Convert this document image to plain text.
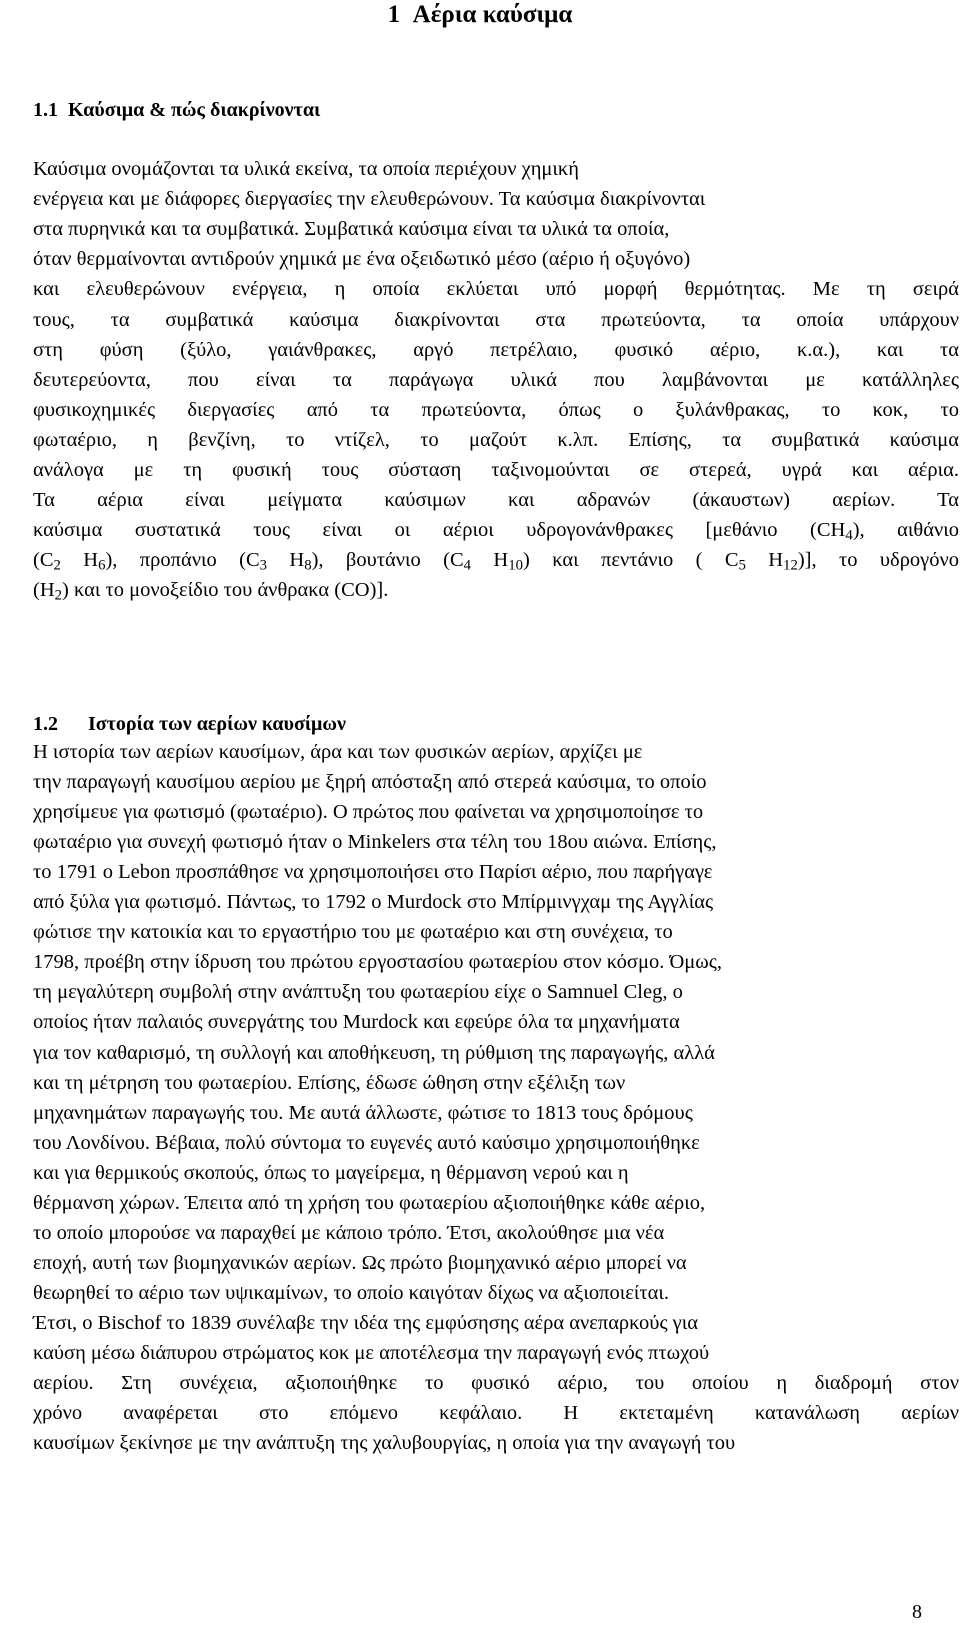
1 Αέρια καύσιμα
1.1 Καύσιμα & πώς διακρίνονται
Καύσιμα ονομάζονται τα υλικά εκείνα, τα οποία περιέχουν χημική
ενέργεια και με διάφορες διεργασίες την ελευθερώνουν. Τα καύσιμα διακρίνονται
στα πυρηνικά και τα συμβατικά. Συμβατικά καύσιμα είναι τα υλικά τα οποία,
όταν θερμαίνονται αντιδρούν χημικά με ένα οξειδωτικό μέσο (αέριο ή οξυγόνο)
και ελευθερώνουν ενέργεια, η οποία εκλύεται υπό μορφή θερμότητας. Με τη σειρά
τους, τα συμβατικά καύσιμα διακρίνονται στα πρωτεύοντα, τα οποία υπάρχουν
στη φύση (ξύλο, γαιάνθρακες, αργό πετρέλαιο, φυσικό αέριο, κ.α.), και τα
δευτερεύοντα, που είναι τα παράγωγα υλικά που λαμβάνονται με κατάλληλες
φυσικοχημικές διεργασίες από τα πρωτεύοντα, όπως ο ξυλάνθρακας, το κοκ, το
φωταέριο, η βενζίνη, το ντίζελ, το μαζούτ κ.λπ. Επίσης, τα συμβατικά καύσιμα
ανάλογα με τη φυσική τους σύσταση ταξινομούνται σε στερεά, υγρά και αέρια.
Τα αέρια είναι μείγματα καύσιμων και αδρανών (άκαυστων) αερίων. Τα
καύσιμα συστατικά τους είναι οι αέριοι υδρογονάνθρακες [μεθάνιο $(CH_4)$, αιθάνιο
($C_2$ $H_6$), προπάνιο ($C_3$ $H_8$), βουτάνιο ($C_4$ $H_{10}$) και πεντάνιο ( $C_5$ $H_{12}$)], το υδρογόνο
$(H_2)$ και το μονοξείδιο του άνθρακα (CO)].
1.2 Ιστορία των αερίων καυσίμων
Η ιστορία των αερίων καυσίμων, άρα και των φυσικών αερίων, αρχίζει με
την παραγωγή καυσίμου αερίου με ξηρή απόσταξη από στερεά καύσιμα, το οποίο
χρησίμευε για φωτισμό (φωταέριο). Ο πρώτος που φαίνεται να χρησιμοποίησε το
φωταέριο για συνεχή φωτισμό ήταν ο Minkelers στα τέλη του 18ου αιώνα. Επίσης,
το 1791 ο Lebon προσπάθησε να χρησιμοποιήσει στο Παρίσι αέριο, που παρήγαγε
από ξύλα για φωτισμό. Πάντως, το 1792 ο Murdock στο Μπίρμινγχαμ της Αγγλίας
φώτισε την κατοικία και το εργαστήριο του με φωταέριο και στη συνέχεια, το
1798, προέβη στην ίδρυση του πρώτου εργοστασίου φωταερίου στον κόσμο. Όμως,
τη μεγαλύτερη συμβολή στην ανάπτυξη του φωταερίου είχε ο Samnuel Cleg, ο
οποίος ήταν παλαιός συνεργάτης του Murdock και εφεύρε όλα τα μηχανήματα
για τον καθαρισμό, τη συλλογή και αποθήκευση, τη ρύθμιση της παραγωγής, αλλά
και τη μέτρηση του φωταερίου. Επίσης, έδωσε ώθηση στην εξέλιξη των
μηχανημάτων παραγωγής του. Με αυτά άλλωστε, φώτισε το 1813 τους δρόμους
του Λονδίνου. Βέβαια, πολύ σύντομα το ευγενές αυτό καύσιμο χρησιμοποιήθηκε
και για θερμικούς σκοπούς, όπως το μαγείρεμα, η θέρμανση νερού και η
θέρμανση χώρων. Έπειτα από τη χρήση του φωταερίου αξιοποιήθηκε κάθε αέριο,
το οποίο μπορούσε να παραχθεί με κάποιο τρόπο. Έτσι, ακολούθησε μια νέα
εποχή, αυτή των βιομηχανικών αερίων. Ως πρώτο βιομηχανικό αέριο μπορεί να
θεωρηθεί το αέριο των υψικαμίνων, το οποίο καιγόταν δίχως να αξιοποιείται.
Έτσι, ο Bischof το 1839 συνέλαβε την ιδέα της εμφύσησης αέρα ανεπαρκούς για
καύση μέσω διάπυρου στρώματος κοκ με αποτέλεσμα την παραγωγή ενός πτωχού
αερίου. Στη συνέχεια, αξιοποιήθηκε το φυσικό αέριο, του οποίου η διαδρομή στον
χρόνο αναφέρεται στο επόμενο κεφάλαιο. Η εκτεταμένη κατανάλωση αερίων
καυσίμων ξεκίνησε με την ανάπτυξη της χαλυβουργίας, η οποία για την αναγωγή του
8
